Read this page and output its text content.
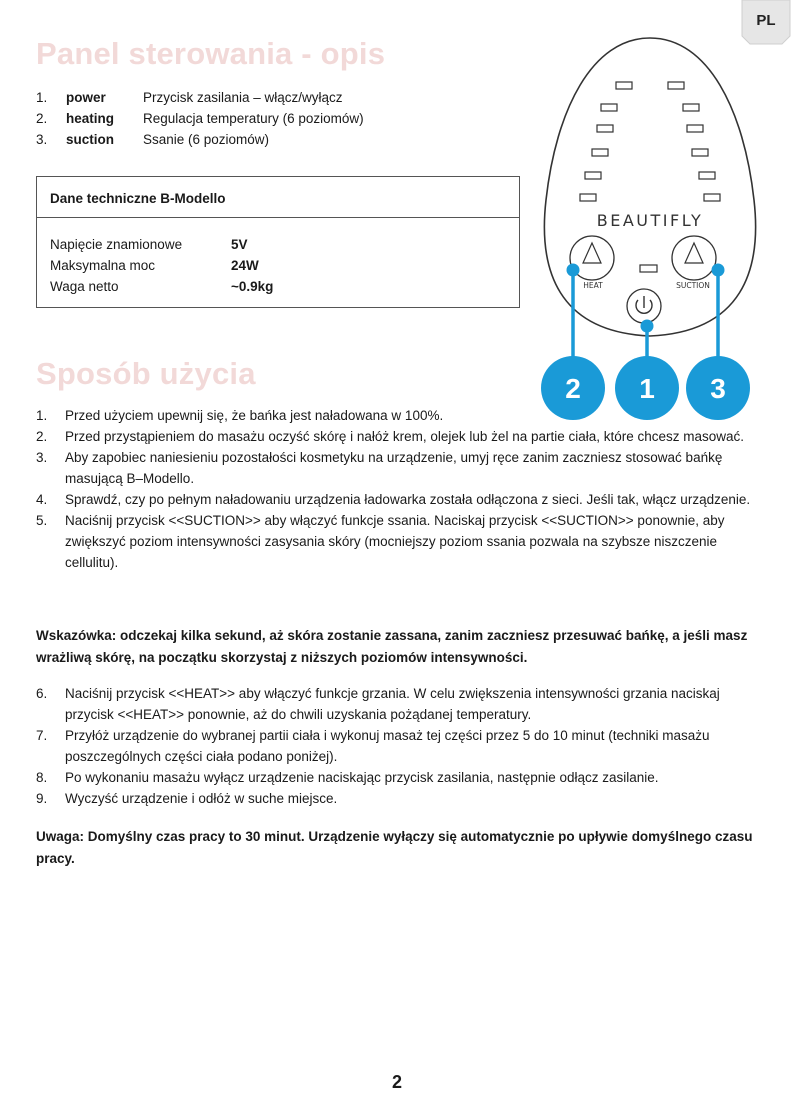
PL
Panel sterowania - opis
1.	power	Przycisk zasilania – włącz/wyłącz
2.	heating	Regulacja temperatury (6 poziomów)
3.	suction	Ssanie (6 poziomów)
Dane techniczne B-Modello
Napięcie znamionowe	5V
Maksymalna moc	24W
Waga netto	~0.9kg
BEAUTIFLY
HEAT	SUCTION
2 1 3
Sposób użycia
1.	Przed użyciem upewnij się, że bańka jest naładowana w 100%.
2.	Przed przystąpieniem do masażu oczyść skórę i nałóż krem, olejek lub żel na partie ciała, które chcesz masować.
3.	Aby zapobiec naniesieniu pozostałości kosmetyku na urządzenie, umyj ręce zanim zaczniesz stosować bańkę masującą B–Modello.
4.	Sprawdź, czy po pełnym naładowaniu urządzenia ładowarka została odłączona z sieci. Jeśli tak, włącz urządzenie.
5.	Naciśnij przycisk <<SUCTION>> aby włączyć funkcje ssania. Naciskaj przycisk <<SUCTION>> ponownie, aby zwiększyć poziom intensywności zasysania skóry (mocniejszy poziom ssania pozwala na szybsze niszczenie cellulitu).
Wskazówka: odczekaj kilka sekund, aż skóra zostanie zassana, zanim zaczniesz przesuwać bańkę, a jeśli masz wrażliwą skórę, na początku skorzystaj z niższych poziomów intensywności.
6.	Naciśnij przycisk <<HEAT>> aby włączyć funkcje grzania. W celu zwiększenia intensywności grzania naciskaj przycisk <<HEAT>> ponownie, aż do chwili uzyskania pożądanej temperatury.
7.	Przyłóż urządzenie do wybranej partii ciała i wykonuj masaż tej części przez 5 do 10 minut (techniki masażu poszczególnych części ciała podano poniżej).
8.	Po wykonaniu masażu wyłącz urządzenie naciskając przycisk zasilania, następnie odłącz zasilanie.
9.	Wyczyść urządzenie i odłóż w suche miejsce.
Uwaga: Domyślny czas pracy to 30 minut. Urządzenie wyłączy się automatycznie po upływie domyślnego czasu pracy.
2
